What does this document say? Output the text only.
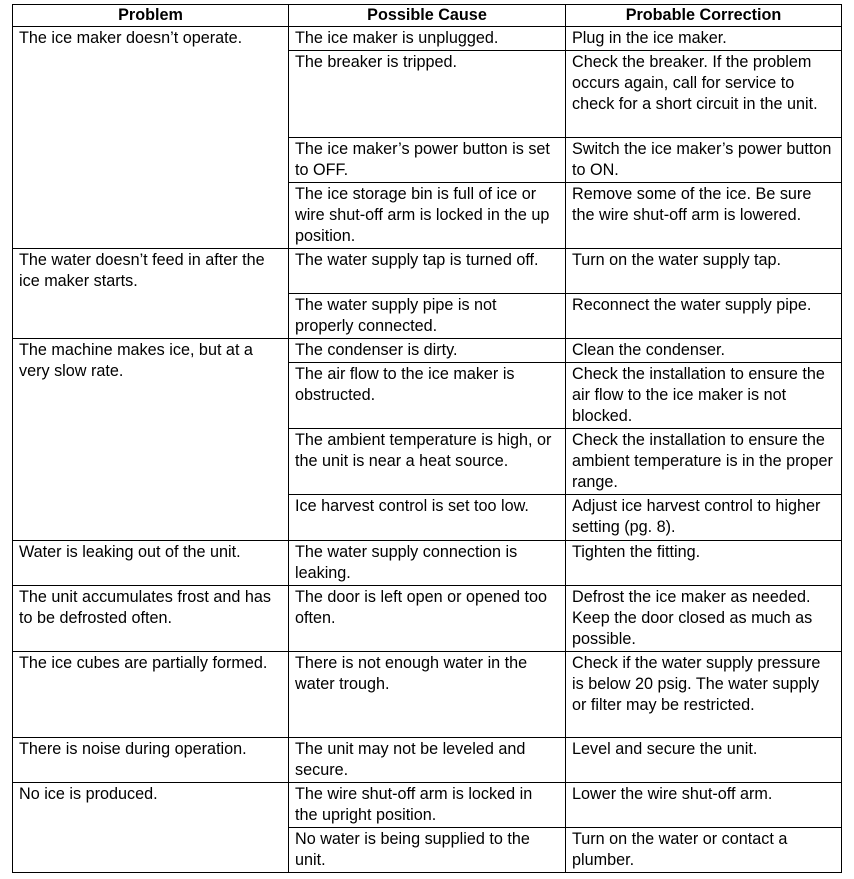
Problem	Possible Cause	Probable Correction
The ice maker doesn’t operate.	The ice maker is unplugged.	Plug in the ice maker.
	The breaker is tripped.	Check the breaker. If the problem occurs again, call for service to check for a short circuit in the unit.
	The ice maker’s power button is set to OFF.	Switch the ice maker’s power button to ON.
	The ice storage bin is full of ice or wire shut-off arm is locked in the up position.	Remove some of the ice. Be sure the wire shut-off arm is lowered.
The water doesn’t feed in after the ice maker starts.	The water supply tap is turned off.	Turn on the water supply tap.
	The water supply pipe is not properly connected.	Reconnect the water supply pipe.
The machine makes ice, but at a very slow rate.	The condenser is dirty.	Clean the condenser.
	The air flow to the ice maker is obstructed.	Check the installation to ensure the air flow to the ice maker is not blocked.
	The ambient temperature is high, or the unit is near a heat source.	Check the installation to ensure the ambient temperature is in the proper range.
	Ice harvest control is set too low.	Adjust ice harvest control to higher setting (pg. 8).
Water is leaking out of the unit.	The water supply connection is leaking.	Tighten the fitting.
The unit accumulates frost and has to be defrosted often.	The door is left open or opened too often.	Defrost the ice maker as needed. Keep the door closed as much as possible.
The ice cubes are partially formed.	There is not enough water in the water trough.	Check if the water supply pressure is below 20 psig. The water supply or filter may be restricted.
There is noise during operation.	The unit may not be leveled and secure.	Level and secure the unit.
No ice is produced.	The wire shut-off arm is locked in the upright position.	Lower the wire shut-off arm.
	No water is being supplied to the unit.	Turn on the water or contact a plumber.
